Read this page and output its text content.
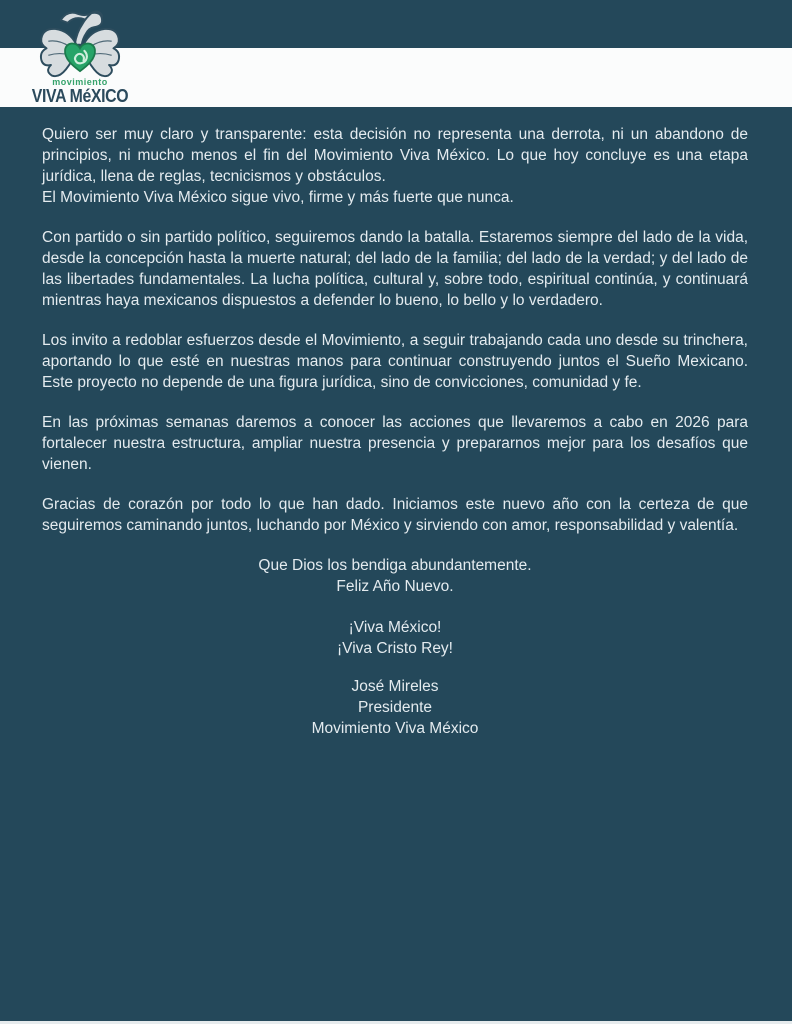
movimiento
VIVA MéXICO

Quiero ser muy claro y transparente: esta decisión no representa una derrota, ni un abandono de principios, ni mucho menos el fin del Movimiento Viva México. Lo que hoy concluye es una etapa jurídica, llena de reglas, tecnicismos y obstáculos.

El Movimiento Viva México sigue vivo, firme y más fuerte que nunca.

Con partido o sin partido político, seguiremos dando la batalla. Estaremos siempre del lado de la vida, desde la concepción hasta la muerte natural; del lado de la familia; del lado de la verdad; y del lado de las libertades fundamentales. La lucha política, cultural y, sobre todo, espiritual continúa, y continuará mientras haya mexicanos dispuestos a defender lo bueno, lo bello y lo verdadero.

Los invito a redoblar esfuerzos desde el Movimiento, a seguir trabajando cada uno desde su trinchera, aportando lo que esté en nuestras manos para continuar construyendo juntos el Sueño Mexicano. Este proyecto no depende de una figura jurídica, sino de convicciones, comunidad y fe.

En las próximas semanas daremos a conocer las acciones que llevaremos a cabo en 2026 para fortalecer nuestra estructura, ampliar nuestra presencia y prepararnos mejor para los desafíos que vienen.

Gracias de corazón por todo lo que han dado. Iniciamos este nuevo año con la certeza de que seguiremos caminando juntos, luchando por México y sirviendo con amor, responsabilidad y valentía.

Que Dios los bendiga abundantemente.
Feliz Año Nuevo.

¡Viva México!
¡Viva Cristo Rey!

José Mireles
Presidente
Movimiento Viva México
